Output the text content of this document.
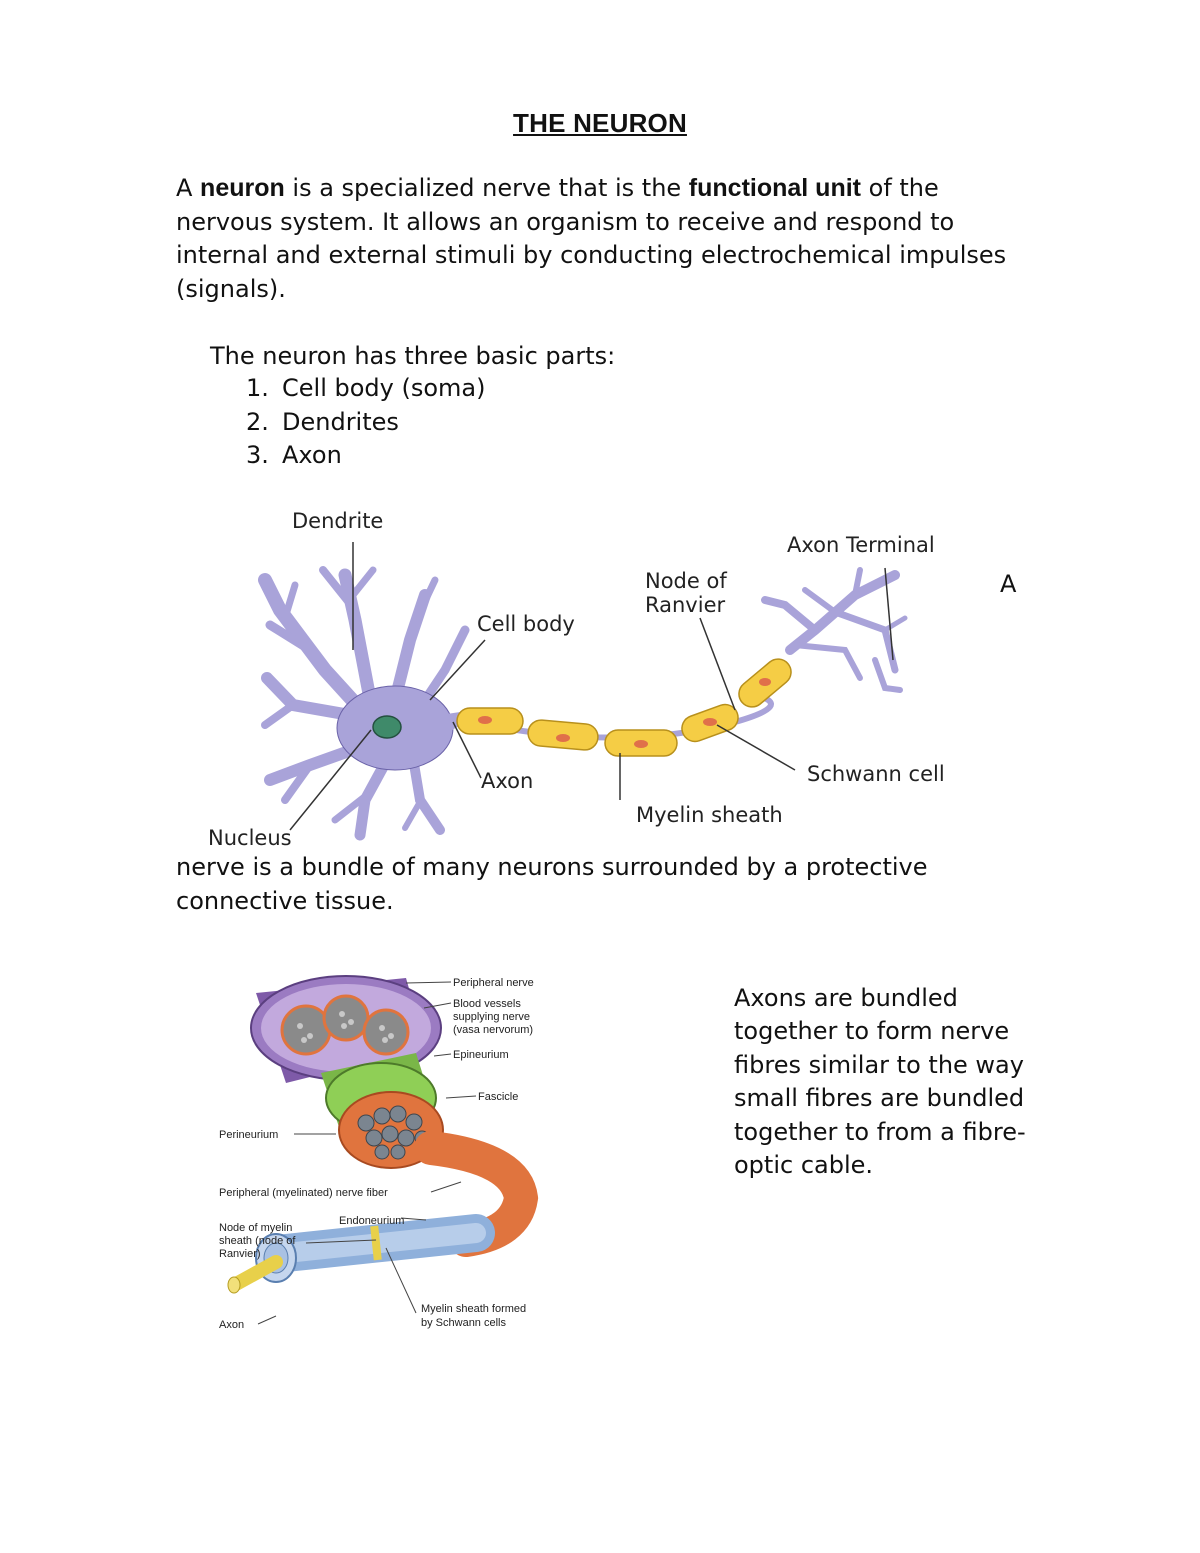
THE NEURON
A neuron is a specialized nerve that is the functional unit of the nervous system. It allows an organism to receive and respond to internal and external stimuli by conducting electrochemical impulses (signals).
The neuron has three basic parts:
1. Cell body (soma)
2. Dendrites
3. Axon
Dendrite
Cell body
Nucleus
Axon
Myelin sheath
Node of
Ranvier
Schwann cell
Axon Terminal
A
nerve is a bundle of many neurons surrounded by a protective connective tissue.
Peripheral nerve
Blood vessels
supplying nerve
(vasa nervorum)
Epineurium
Fascicle
Perineurium
Peripheral (myelinated) nerve fiber
Endoneurium
Node of myelin
sheath (node of
Ranvier)
Axon
Myelin sheath formed
by Schwann cells
Axons are bundled together to form nerve fibres similar to the way small fibres are bundled together to from a fibre-optic cable.
